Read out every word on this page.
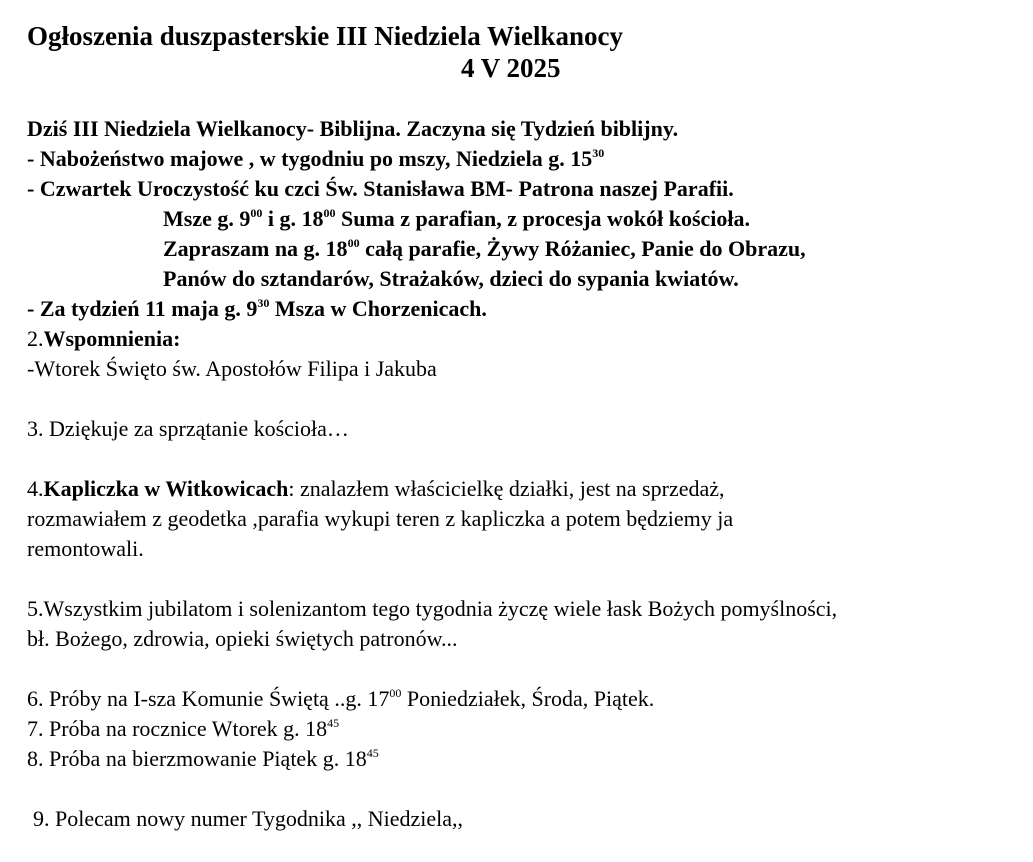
Ogłoszenia duszpasterskie III Niedziela Wielkanocy
4 V 2025

Dziś III Niedziela Wielkanocy- Biblijna. Zaczyna się Tydzień biblijny.

- Nabożeństwo majowe , w tygodniu po mszy, Niedziela g. $15^{30}$

- Czwartek Uroczystość ku czci Św. Stanisława BM- Patrona naszej Parafii.

Msze g. $9^{00}$ i g. $18^{00}$ Suma z parafian, z procesja wokół kościoła.

Zapraszam na g. $18^{00}$ całą parafie, Żywy Różaniec, Panie do Obrazu,

Panów do sztandarów, Strażaków, dzieci do sypania kwiatów.

- Za tydzień 11 maja g. $9^{30}$ Msza w Chorzenicach.

2.Wspomnienia:

-Wtorek Święto św. Apostołów Filipa i Jakuba

3. Dziękuje za sprzątanie kościoła…

4.Kapliczka w Witkowicach: znalazłem właścicielkę działki, jest na sprzedaż,

rozmawiałem z geodetka ,parafia wykupi teren z kapliczka a potem będziemy ja

remontowali.

5.Wszystkim jubilatom i solenizantom tego tygodnia życzę wiele łask Bożych pomyślności,

bł. Bożego, zdrowia, opieki świętych patronów...

6. Próby na I-sza Komunie Świętą ..g. $17^{00}$ Poniedziałek, Środa, Piątek.

7. Próba na rocznice Wtorek g. $18^{45}$

8. Próba na bierzmowanie Piątek g. $18^{45}$

9. Polecam nowy numer Tygodnika ,, Niedziela,,
